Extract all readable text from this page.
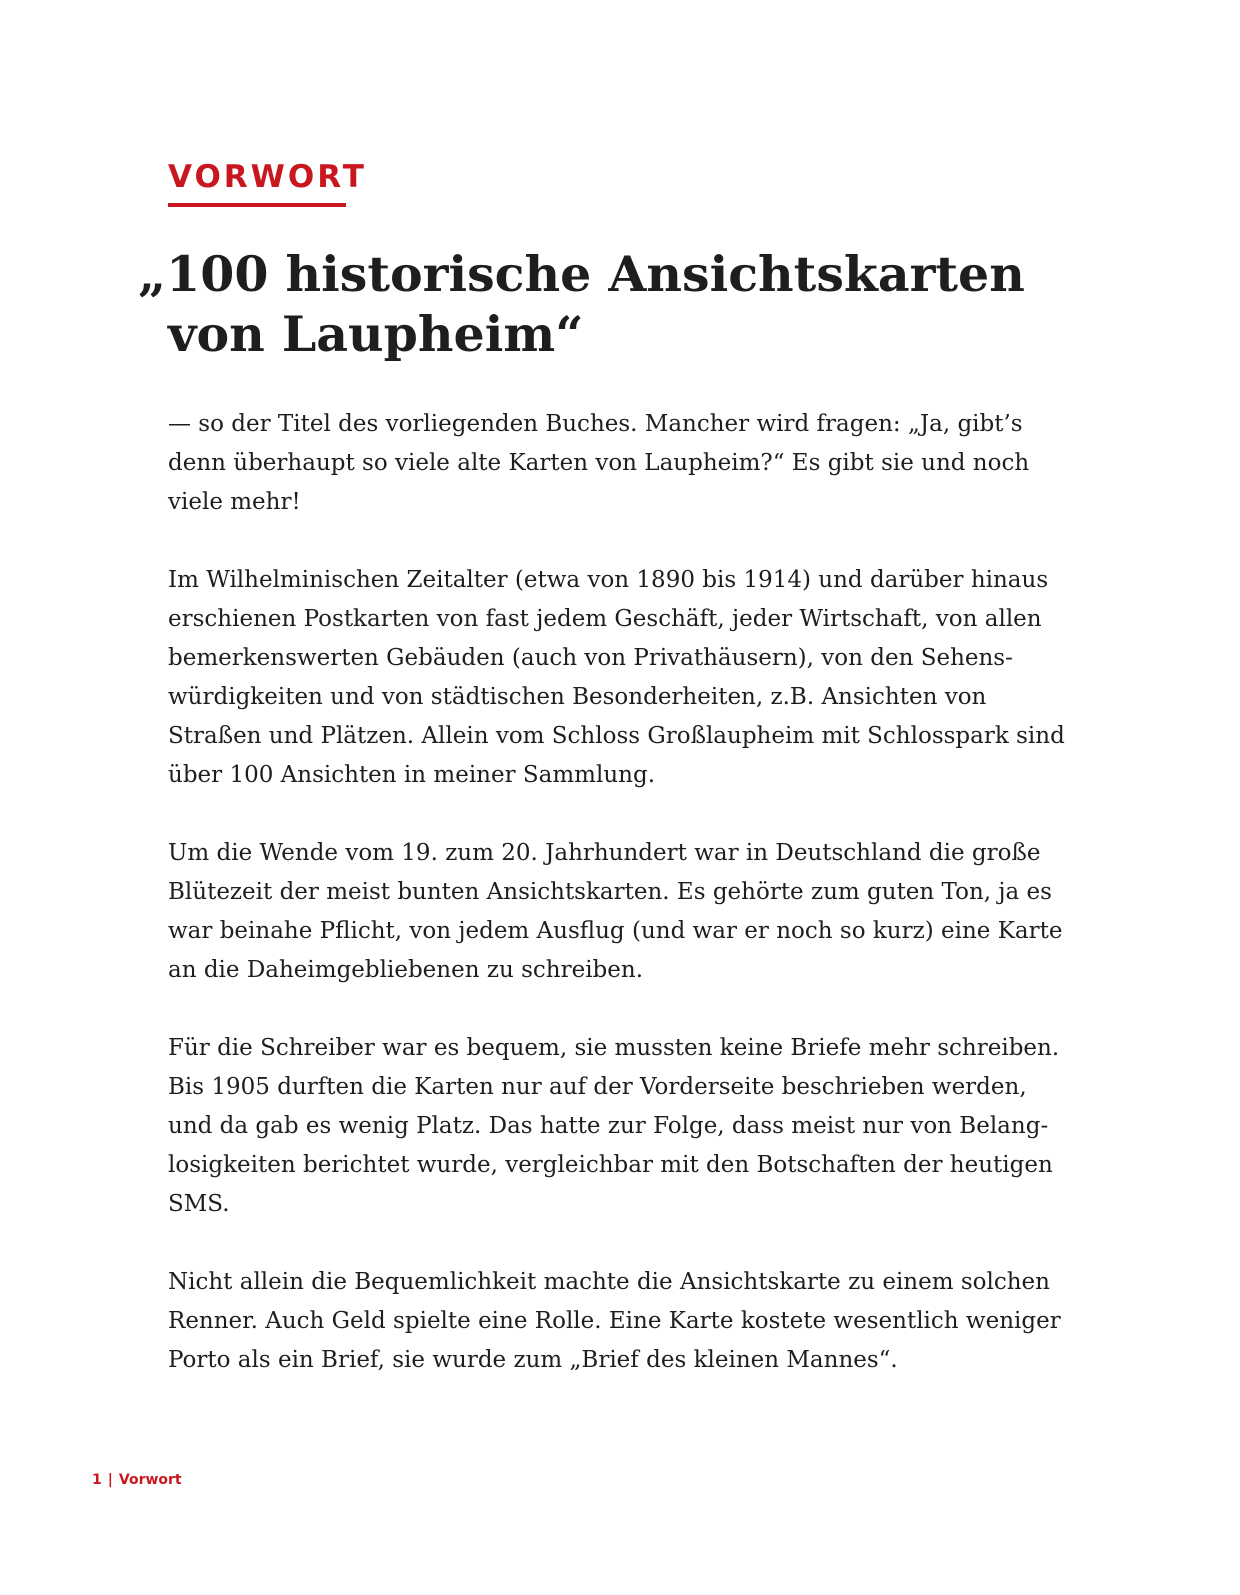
VORWORT
„100 historische Ansichtskarten von Laupheim“

— so der Titel des vorliegenden Buches. Mancher wird fragen: „Ja, gibt’s denn überhaupt so viele alte Karten von Laupheim?“ Es gibt sie und noch viele mehr!

Im Wilhelminischen Zeitalter (etwa von 1890 bis 1914) und darüber hinaus erschienen Postkarten von fast jedem Geschäft, jeder Wirtschaft, von allen bemerkenswerten Gebäuden (auch von Privathäusern), von den Sehenswürdigkeiten und von städtischen Besonderheiten, z.B. Ansichten von Straßen und Plätzen. Allein vom Schloss Großlaupheim mit Schlosspark sind über 100 Ansichten in meiner Sammlung.

Um die Wende vom 19. zum 20. Jahrhundert war in Deutschland die große Blütezeit der meist bunten Ansichtskarten. Es gehörte zum guten Ton, ja es war beinahe Pflicht, von jedem Ausflug (und war er noch so kurz) eine Karte an die Daheimgebliebenen zu schreiben.

Für die Schreiber war es bequem, sie mussten keine Briefe mehr schreiben. Bis 1905 durften die Karten nur auf der Vorderseite beschrieben werden, und da gab es wenig Platz. Das hatte zur Folge, dass meist nur von Belanglosigkeiten berichtet wurde, vergleichbar mit den Botschaften der heutigen SMS.

Nicht allein die Bequemlichkeit machte die Ansichtskarte zu einem solchen Renner. Auch Geld spielte eine Rolle. Eine Karte kostete wesentlich weniger Porto als ein Brief, sie wurde zum „Brief des kleinen Mannes“.

1 | Vorwort
